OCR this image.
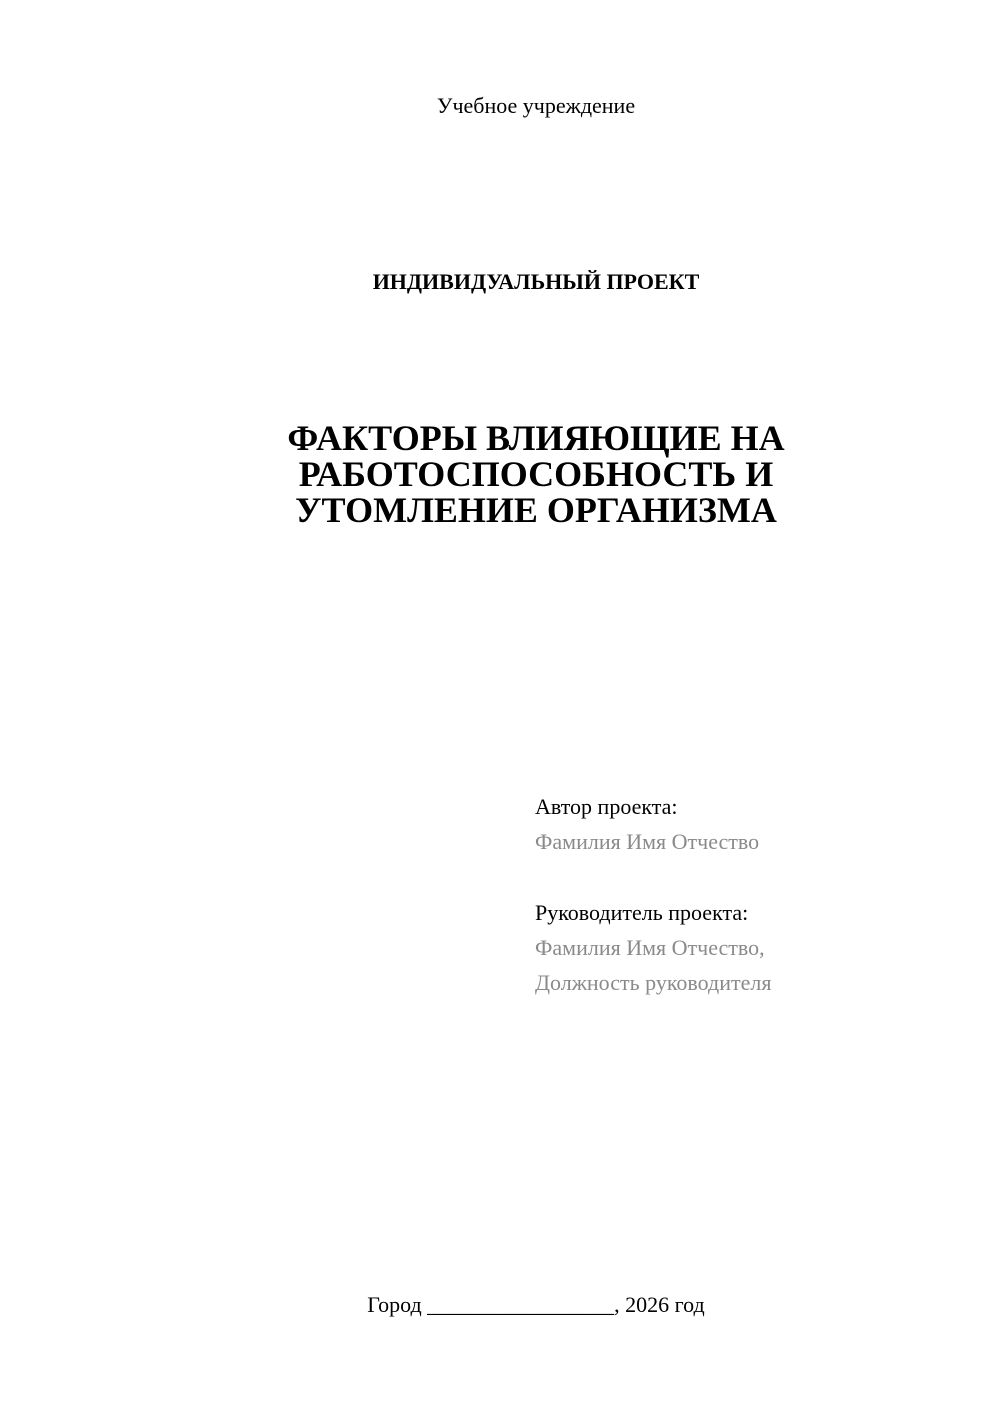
Учебное учреждение
ИНДИВИДУАЛЬНЫЙ ПРОЕКТ
ФАКТОРЫ ВЛИЯЮЩИЕ НА
РАБОТОСПОСОБНОСТЬ И
УТОМЛЕНИЕ ОРГАНИЗМА
Автор проекта:
Фамилия Имя Отчество
Руководитель проекта:
Фамилия Имя Отчество,
Должность руководителя
Город _________________, 2026 год
